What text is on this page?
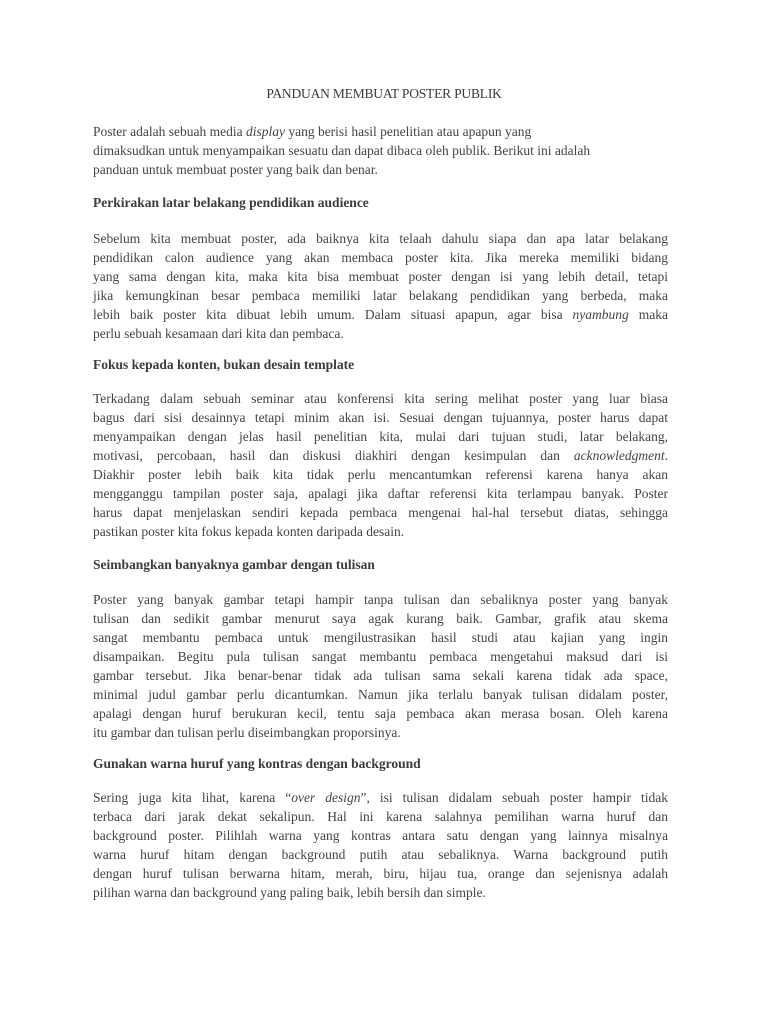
PANDUAN MEMBUAT POSTER PUBLIK
Poster adalah sebuah media display yang berisi hasil penelitian atau apapun yang
dimaksudkan untuk menyampaikan sesuatu dan dapat dibaca oleh publik. Berikut ini adalah
panduan untuk membuat poster yang baik dan benar.
Perkirakan latar belakang pendidikan audience
Sebelum kita membuat poster, ada baiknya kita telaah dahulu siapa dan apa latar belakang
pendidikan calon audience yang akan membaca poster kita. Jika mereka memiliki bidang
yang sama dengan kita, maka kita bisa membuat poster dengan isi yang lebih detail, tetapi
jika kemungkinan besar pembaca memiliki latar belakang pendidikan yang berbeda, maka
lebih baik poster kita dibuat lebih umum. Dalam situasi apapun, agar bisa nyambung maka
perlu sebuah kesamaan dari kita dan pembaca.
Fokus kepada konten, bukan desain template
Terkadang dalam sebuah seminar atau konferensi kita sering melihat poster yang luar biasa
bagus dari sisi desainnya tetapi minim akan isi. Sesuai dengan tujuannya, poster harus dapat
menyampaikan dengan jelas hasil penelitian kita, mulai dari tujuan studi, latar belakang,
motivasi, percobaan, hasil dan diskusi diakhiri dengan kesimpulan dan acknowledgment.
Diakhir poster lebih baik kita tidak perlu mencantumkan referensi karena hanya akan
mengganggu tampilan poster saja, apalagi jika daftar referensi kita terlampau banyak. Poster
harus dapat menjelaskan sendiri kepada pembaca mengenai hal-hal tersebut diatas, sehingga
pastikan poster kita fokus kepada konten daripada desain.
Seimbangkan banyaknya gambar dengan tulisan
Poster yang banyak gambar tetapi hampir tanpa tulisan dan sebaliknya poster yang banyak
tulisan dan sedikit gambar menurut saya agak kurang baik. Gambar, grafik atau skema
sangat membantu pembaca untuk mengilustrasikan hasil studi atau kajian yang ingin
disampaikan. Begitu pula tulisan sangat membantu pembaca mengetahui maksud dari isi
gambar tersebut. Jika benar-benar tidak ada tulisan sama sekali karena tidak ada space,
minimal judul gambar perlu dicantumkan. Namun jika terlalu banyak tulisan didalam poster,
apalagi dengan huruf berukuran kecil, tentu saja pembaca akan merasa bosan. Oleh karena
itu gambar dan tulisan perlu diseimbangkan proporsinya.
Gunakan warna huruf yang kontras dengan background
Sering juga kita lihat, karena “over design”, isi tulisan didalam sebuah poster hampir tidak
terbaca dari jarak dekat sekalipun. Hal ini karena salahnya pemilihan warna huruf dan
background poster. Pilihlah warna yang kontras antara satu dengan yang lainnya misalnya
warna huruf hitam dengan background putih atau sebaliknya. Warna background putih
dengan huruf tulisan berwarna hitam, merah, biru, hijau tua, orange dan sejenisnya adalah
pilihan warna dan background yang paling baik, lebih bersih dan simple.
